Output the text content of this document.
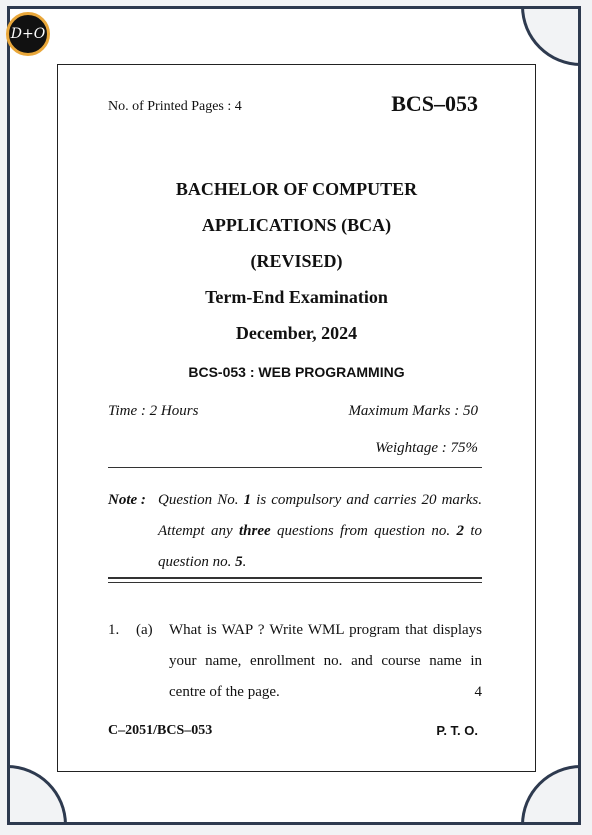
D+O
No. of Printed Pages : 4	BCS–053
BACHELOR OF COMPUTER
APPLICATIONS (BCA)
(REVISED)
Term-End Examination
December, 2024
BCS-053 : WEB PROGRAMMING
Time : 2 Hours	Maximum Marks : 50
Weightage : 75%
Note : Question No. 1 is compulsory and carries 20 marks. Attempt any three questions from question no. 2 to question no. 5.
1. (a) What is WAP ? Write WML program that displays your name, enrollment no. and course name in centre of the page.	4
C–2051/BCS–053	P. T. O.
